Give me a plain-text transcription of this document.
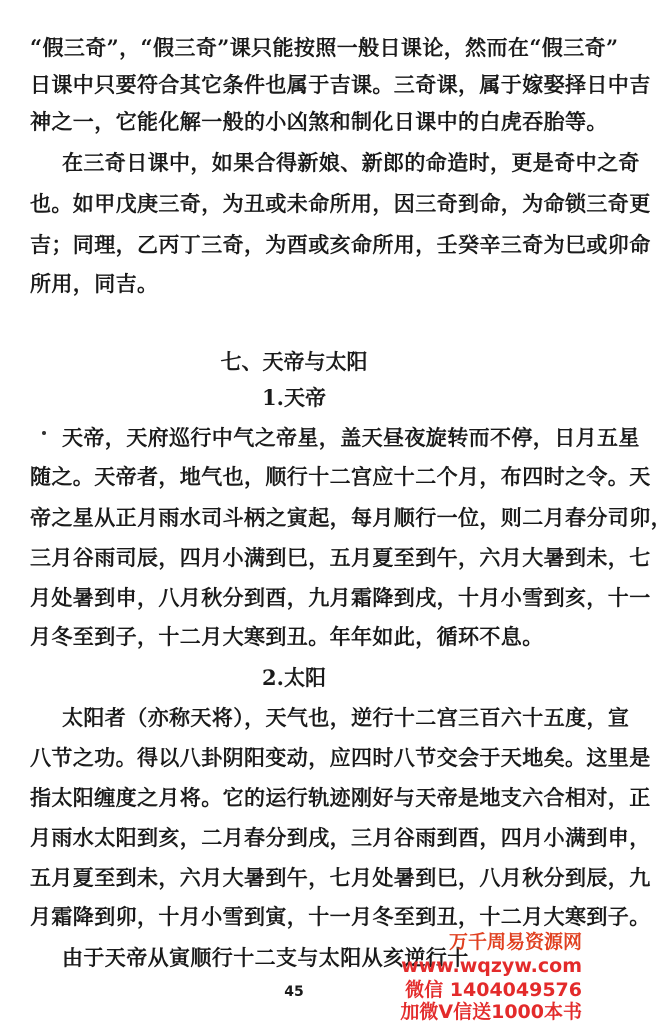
“假三奇”，“假三奇”课只能按照一般日课论，然而在“假三奇”
日课中只要符合其它条件也属于吉课。三奇课，属于嫁娶择日中吉
神之一，它能化解一般的小凶煞和制化日课中的白虎吞胎等。
在三奇日课中，如果合得新娘、新郎的命造时，更是奇中之奇
也。如甲戊庚三奇，为丑或未命所用，因三奇到命，为命锁三奇更
吉；同理，乙丙丁三奇，为酉或亥命所用，壬癸辛三奇为巳或卯命
所用，同吉。
七、天帝与太阳
1.天帝
天帝，天府巡行中气之帝星，盖天昼夜旋转而不停，日月五星
随之。天帝者，地气也，顺行十二宫应十二个月，布四时之令。天
帝之星从正月雨水司斗柄之寅起，每月顺行一位，则二月春分司卯，
三月谷雨司辰，四月小满到巳，五月夏至到午，六月大暑到未，七
月处暑到申，八月秋分到酉，九月霜降到戌，十月小雪到亥，十一
月冬至到子，十二月大寒到丑。年年如此，循环不息。
2.太阳
太阳者（亦称天将），天气也，逆行十二宫三百六十五度，宣
八节之功。得以八卦阴阳变动，应四时八节交会于天地矣。这里是
指太阳缠度之月将。它的运行轨迹刚好与天帝是地支六合相对，正
月雨水太阳到亥，二月春分到戌，三月谷雨到酉，四月小满到申，
五月夏至到未，六月大暑到午，七月处暑到巳，八月秋分到辰，九
月霜降到卯，十月小雪到寅，十一月冬至到丑，十二月大寒到子。
由于天帝从寅顺行十二支与太阳从亥逆行十
45
万千周易资源网
www.wqzyw.com
微信 1404049576
加微V信送1000本书
